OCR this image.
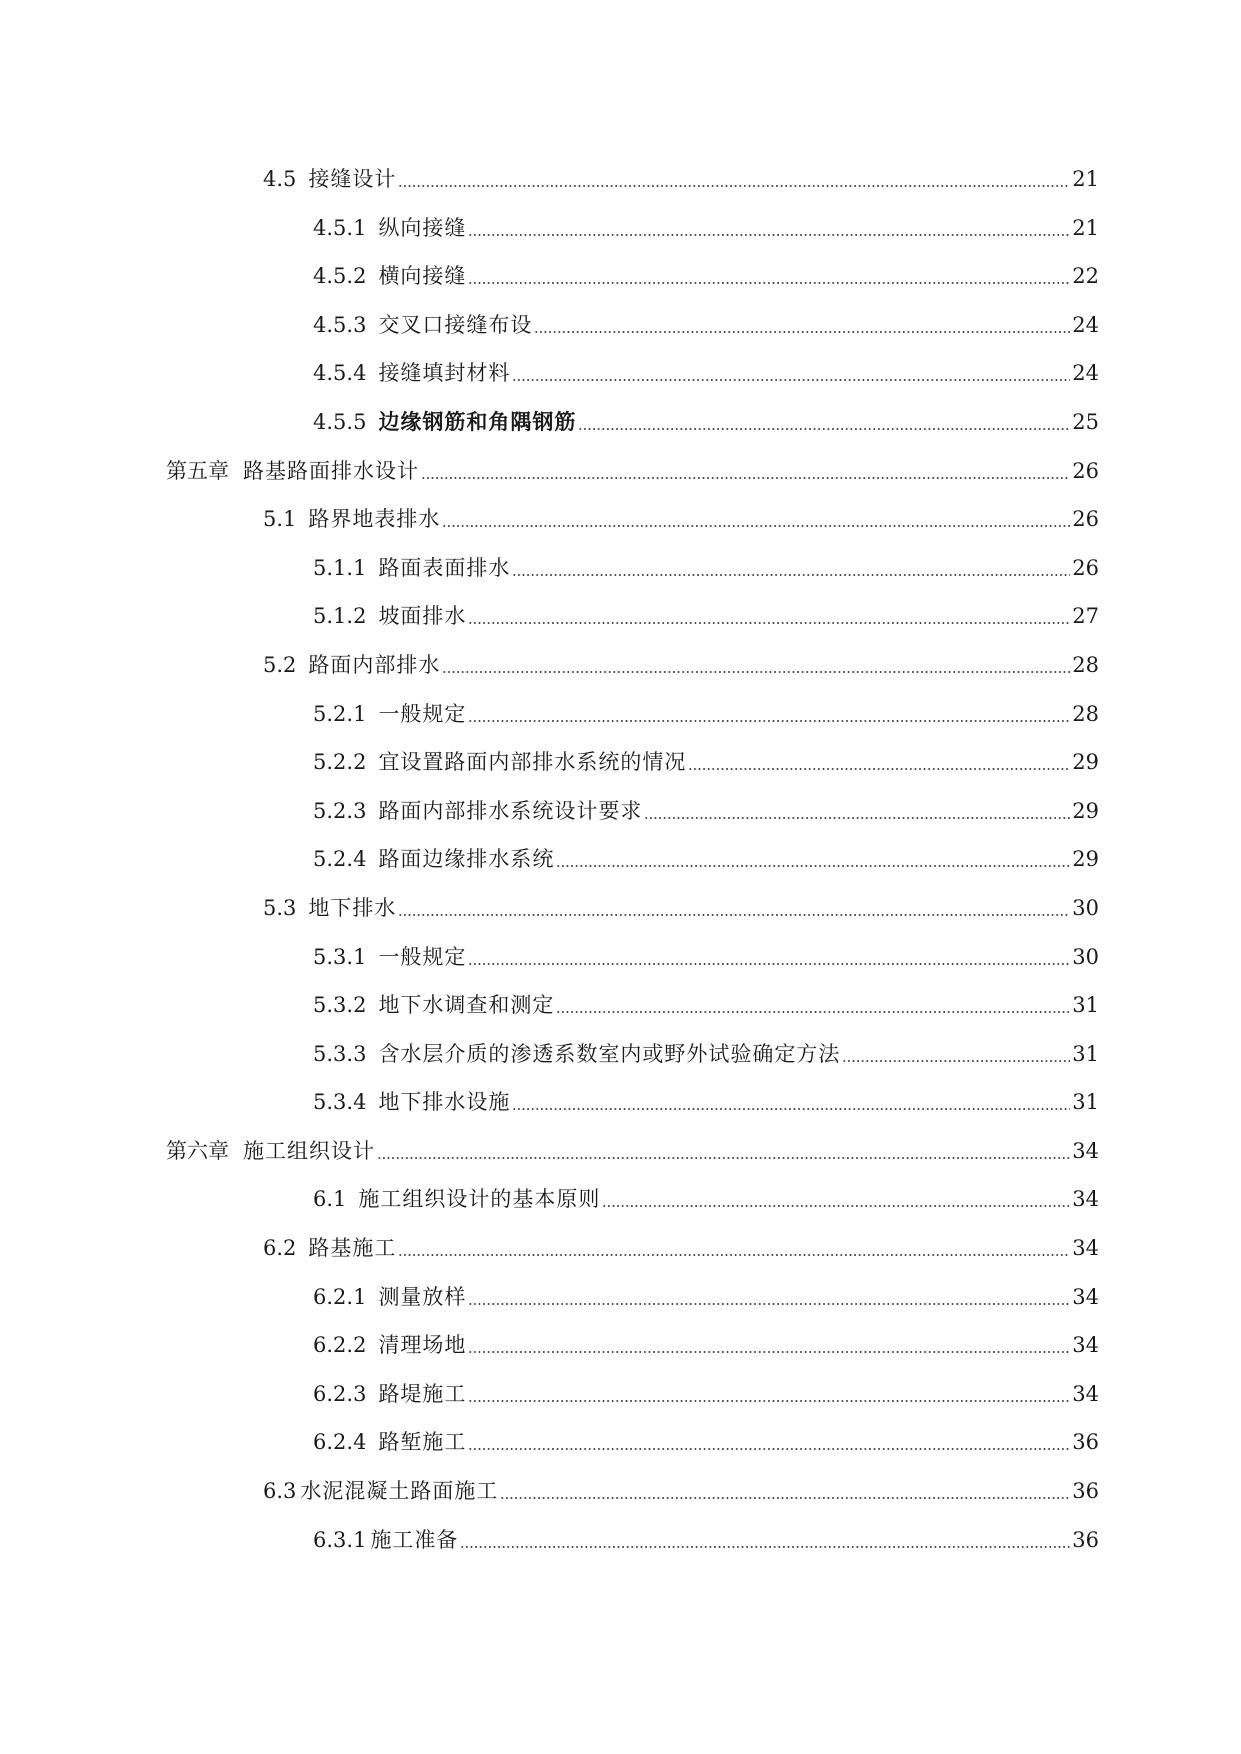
4.5 接缝设计	21
4.5.1 纵向接缝	21
4.5.2 横向接缝	22
4.5.3 交叉口接缝布设	24
4.5.4 接缝填封材料	24
4.5.5 边缘钢筋和角隅钢筋	25
第五章 路基路面排水设计	26
5.1 路界地表排水	26
5.1.1 路面表面排水	26
5.1.2 坡面排水	27
5.2 路面内部排水	28
5.2.1 一般规定	28
5.2.2 宜设置路面内部排水系统的情况	29
5.2.3 路面内部排水系统设计要求	29
5.2.4 路面边缘排水系统	29
5.3 地下排水	30
5.3.1 一般规定	30
5.3.2 地下水调查和测定	31
5.3.3 含水层介质的渗透系数室内或野外试验确定方法	31
5.3.4 地下排水设施	31
第六章 施工组织设计	34
6.1 施工组织设计的基本原则	34
6.2 路基施工	34
6.2.1 测量放样	34
6.2.2 清理场地	34
6.2.3 路堤施工	34
6.2.4 路堑施工	36
6.3 水泥混凝土路面施工	36
6.3.1 施工准备	36
